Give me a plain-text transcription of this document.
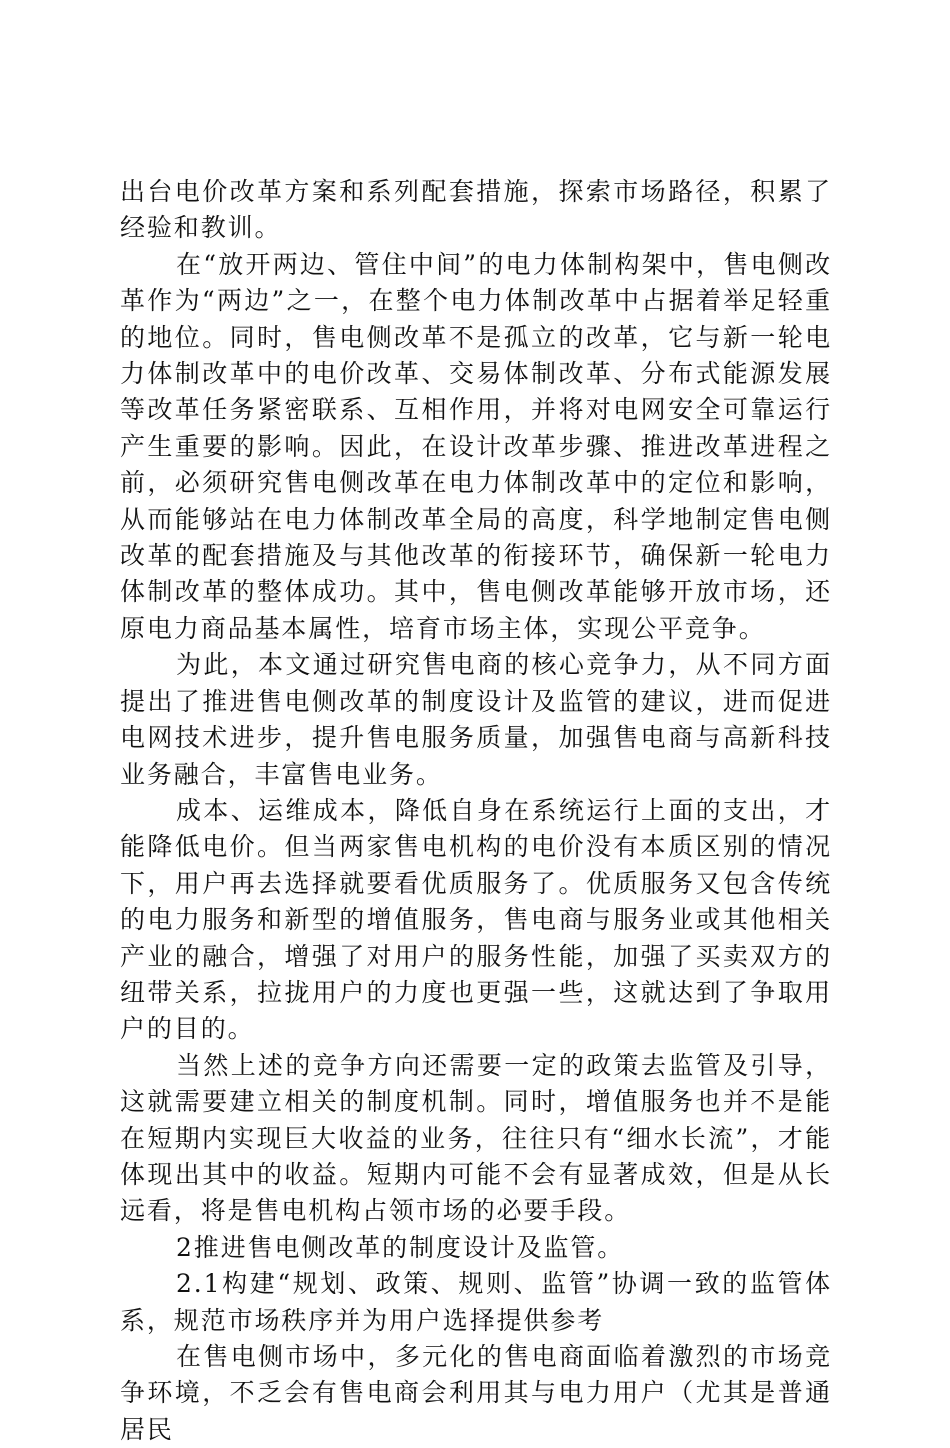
出台电价改革方案和系列配套措施，探索市场路径，积累了经验和教训。

在“放开两边、管住中间”的电力体制构架中，售电侧改革作为“两边”之一，在整个电力体制改革中占据着举足轻重的地位。同时，售电侧改革不是孤立的改革，它与新一轮电力体制改革中的电价改革、交易体制改革、分布式能源发展等改革任务紧密联系、互相作用，并将对电网安全可靠运行产生重要的影响。因此，在设计改革步骤、推进改革进程之前，必须研究售电侧改革在电力体制改革中的定位和影响，从而能够站在电力体制改革全局的高度，科学地制定售电侧改革的配套措施及与其他改革的衔接环节，确保新一轮电力体制改革的整体成功。其中，售电侧改革能够开放市场，还原电力商品基本属性，培育市场主体，实现公平竞争。

为此，本文通过研究售电商的核心竞争力，从不同方面提出了推进售电侧改革的制度设计及监管的建议，进而促进电网技术进步，提升售电服务质量，加强售电商与高新科技业务融合，丰富售电业务。

成本、运维成本，降低自身在系统运行上面的支出，才能降低电价。但当两家售电机构的电价没有本质区别的情况下，用户再去选择就要看优质服务了。优质服务又包含传统的电力服务和新型的增值服务，售电商与服务业或其他相关产业的融合，增强了对用户的服务性能，加强了买卖双方的纽带关系，拉拢用户的力度也更强一些，这就达到了争取用户的目的。

当然上述的竞争方向还需要一定的政策去监管及引导，这就需要建立相关的制度机制。同时，增值服务也并不是能在短期内实现巨大收益的业务，往往只有“细水长流”，才能体现出其中的收益。短期内可能不会有显著成效，但是从长远看，将是售电机构占领市场的必要手段。

2推进售电侧改革的制度设计及监管。

2.1构建“规划、政策、规则、监管”协调一致的监管体系，规范市场秩序并为用户选择提供参考

在售电侧市场中，多元化的售电商面临着激烈的市场竞争环境，不乏会有售电商会利用其与电力用户（尤其是普通居民
